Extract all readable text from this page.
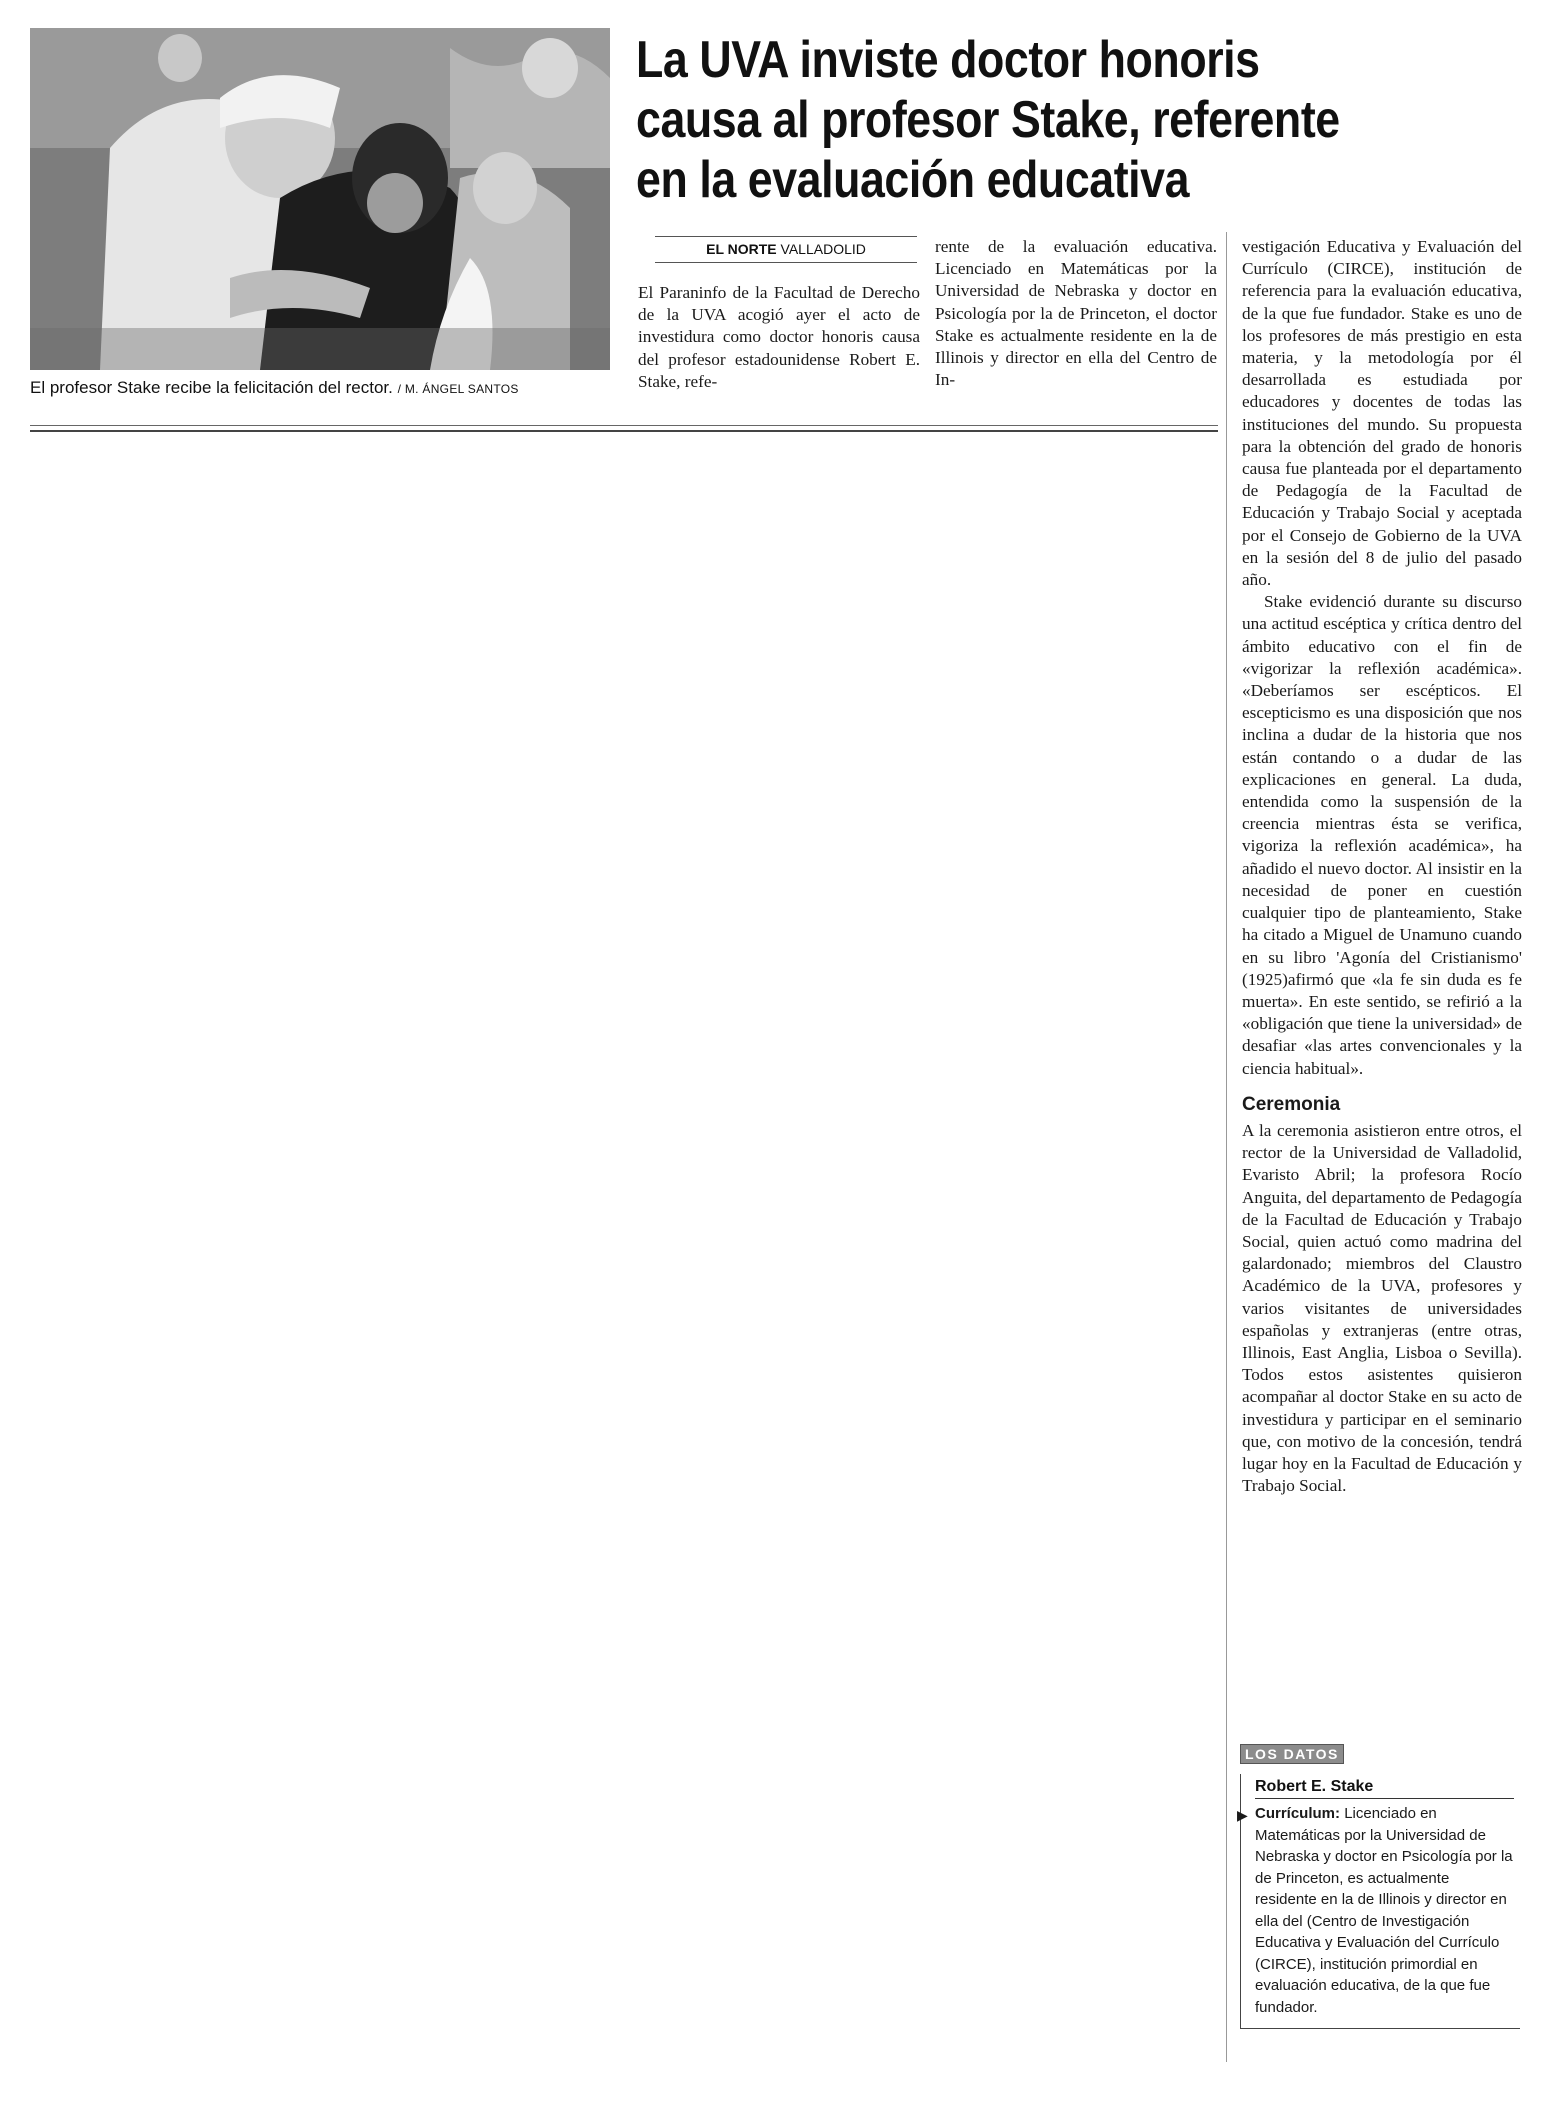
El profesor Stake recibe la felicitación del rector. / M. ÁNGEL SANTOS
La UVA inviste doctor honoris
causa al profesor Stake, referente
en la evaluación educativa
EL NORTE VALLADOLID

El Paraninfo de la Facultad de Derecho de la UVA acogió ayer el acto de investidura como doctor honoris causa del profesor estadounidense Robert E. Stake, refe-

rente de la evaluación educativa. Licenciado en Matemáticas por la Universidad de Nebraska y doctor en Psicología por la de Princeton, el doctor Stake es actualmente residente en la de Illinois y director en ella del Centro de In-

vestigación Educativa y Evaluación del Currículo (CIRCE), institución de referencia para la evaluación educativa, de la que fue fundador. Stake es uno de los profesores de más prestigio en esta materia, y la metodología por él desarrollada es estudiada por educadores y docentes de todas las instituciones del mundo. Su propuesta para la obtención del grado de honoris causa fue planteada por el departamento de Pedagogía de la Facultad de Educación y Trabajo Social y aceptada por el Consejo de Gobierno de la UVA en la sesión del 8 de julio del pasado año.

Stake evidenció durante su discurso una actitud escéptica y crítica dentro del ámbito educativo con el fin de «vigorizar la reflexión académica». «Deberíamos ser escépticos. El escepticismo es una disposición que nos inclina a dudar de la historia que nos están contando o a dudar de las explicaciones en general. La duda, entendida como la suspensión de la creencia mientras ésta se verifica, vigoriza la reflexión académica», ha añadido el nuevo doctor. Al insistir en la necesidad de poner en cuestión cualquier tipo de planteamiento, Stake ha citado a Miguel de Unamuno cuando en su libro 'Agonía del Cristianismo' (1925)afirmó que «la fe sin duda es fe muerta». En este sentido, se refirió a la «obligación que tiene la universidad» de desafiar «las artes convencionales y la ciencia habitual».

Ceremonia

A la ceremonia asistieron entre otros, el rector de la Universidad de Valladolid, Evaristo Abril; la profesora Rocío Anguita, del departamento de Pedagogía de la Facultad de Educación y Trabajo Social, quien actuó como madrina del galardonado; miembros del Claustro Académico de la UVA, profesores y varios visitantes de universidades españolas y extranjeras (entre otras, Illinois, East Anglia, Lisboa o Sevilla). Todos estos asistentes quisieron acompañar al doctor Stake en su acto de investidura y participar en el seminario que, con motivo de la concesión, tendrá lugar hoy en la Facultad de Educación y Trabajo Social.

LOS DATOS
Robert E. Stake
▶ Currículum: Licenciado en Matemáticas por la Universidad de Nebraska y doctor en Psicología por la de Princeton, es actualmente residente en la de Illinois y director en ella del (Centro de Investigación Educativa y Evaluación del Currículo (CIRCE), institución primordial en evaluación educativa, de la que fue fundador.
